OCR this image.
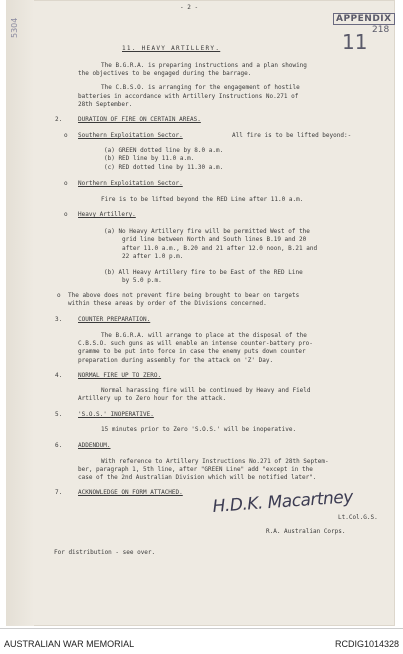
5304
- 2 -
APPENDIX
11 218
11. HEAVY ARTILLERY.
The B.G.R.A. is preparing instructions and a plan showing
the objectives to be engaged during the barrage.
The C.B.S.O. is arranging for the engagement of hostile
batteries in accordance with Artillery Instructions No.271 of
28th September.
2.	DURATION OF FIRE ON CERTAIN AREAS.
o Southern Exploitation Sector.	All fire is to be lifted beyond:-
(a) GREEN dotted line by 8.0 a.m.
(b) RED line by 11.0 a.m.
(c) RED dotted line by 11.30 a.m.
o Northern Exploitation Sector.
Fire is to be lifted beyond the RED Line after 11.0 a.m.
o Heavy Artillery.
(a) No Heavy Artillery fire will be permitted West of the
grid line between North and South lines B.19 and 20
after 11.0 a.m., B.20 and 21 after 12.0 noon, B.21 and
22 after 1.0 p.m.
(b) All Heavy Artillery fire to be East of the RED Line
by 5.0 p.m.
o The above does not prevent fire being brought to bear on targets
within these areas by order of the Divisions concerned.
3.	COUNTER PREPARATION.
The B.G.R.A. will arrange to place at the disposal of the
C.B.S.O. such guns as will enable an intense counter-battery pro-
gramme to be put into force in case the enemy puts down counter
preparation during assembly for the attack on 'Z' Day.
4.	NORMAL FIRE UP TO ZERO.
Normal harassing fire will be continued by Heavy and Field
Artillery up to Zero hour for the attack.
5.	'S.O.S.' INOPERATIVE.
15 minutes prior to Zero 'S.O.S.' will be inoperative.
6.	ADDENDUM.
With reference to Artillery Instructions No.271 of 28th Septem-
ber, paragraph 1, 5th line, after "GREEN Line" add "except in the
case of the 2nd Australian Division which will be notified later".
7.	ACKNOWLEDGE ON FORM ATTACHED. H.D.K. Macartney
Lt.Col.G.S.
R.A. Australian Corps.
For distribution - see over.
AUSTRALIAN WAR MEMORIAL	RCDIG1014328
